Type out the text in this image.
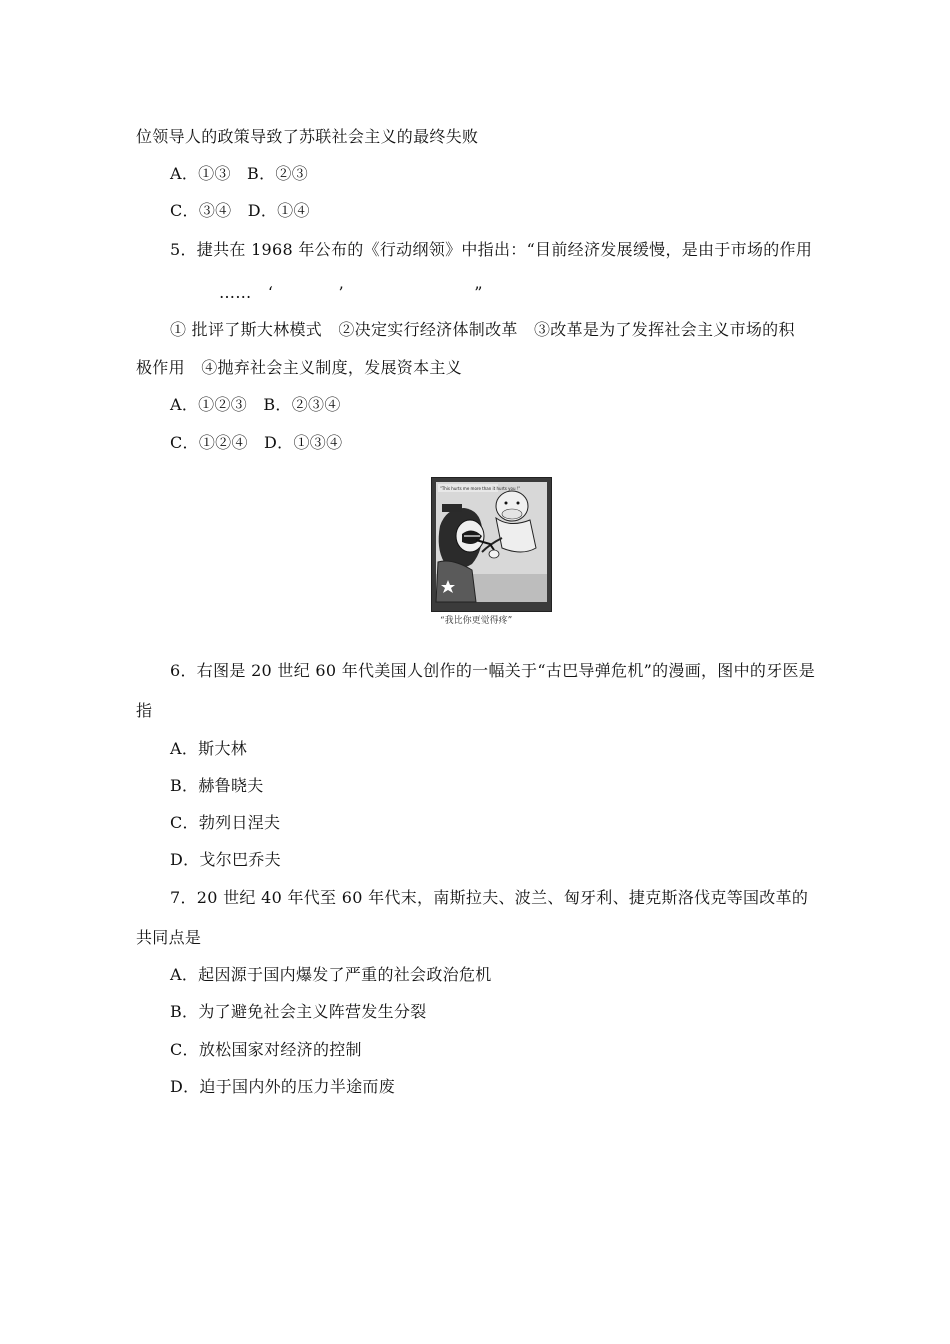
位领导人的政策导致了苏联社会主义的最终失败
A．①③　B．②③
C．③④　D．①④
5．捷共在 1968 年公布的《行动纲领》中指出：“目前经济发展缓慢，是由于市场的作用
……　‘　　　　’　　　　　　　　”
① 批评了斯大林模式　②决定实行经济体制改革　③改革是为了发挥社会主义市场的积
极作用　④抛弃社会主义制度，发展资本主义
A．①②③　B．②③④
C．①②④　D．①③④
"This hurts me more than it hurts you !"
“我比你更觉得疼”
6．右图是 20 世纪 60 年代美国人创作的一幅关于“古巴导弹危机”的漫画，图中的牙医是
指
A．斯大林
B．赫鲁晓夫
C．勃列日涅夫
D．戈尔巴乔夫
7．20 世纪 40 年代至 60 年代末，南斯拉夫、波兰、匈牙利、捷克斯洛伐克等国改革的
共同点是
A．起因源于国内爆发了严重的社会政治危机
B．为了避免社会主义阵营发生分裂
C．放松国家对经济的控制
D．迫于国内外的压力半途而废
